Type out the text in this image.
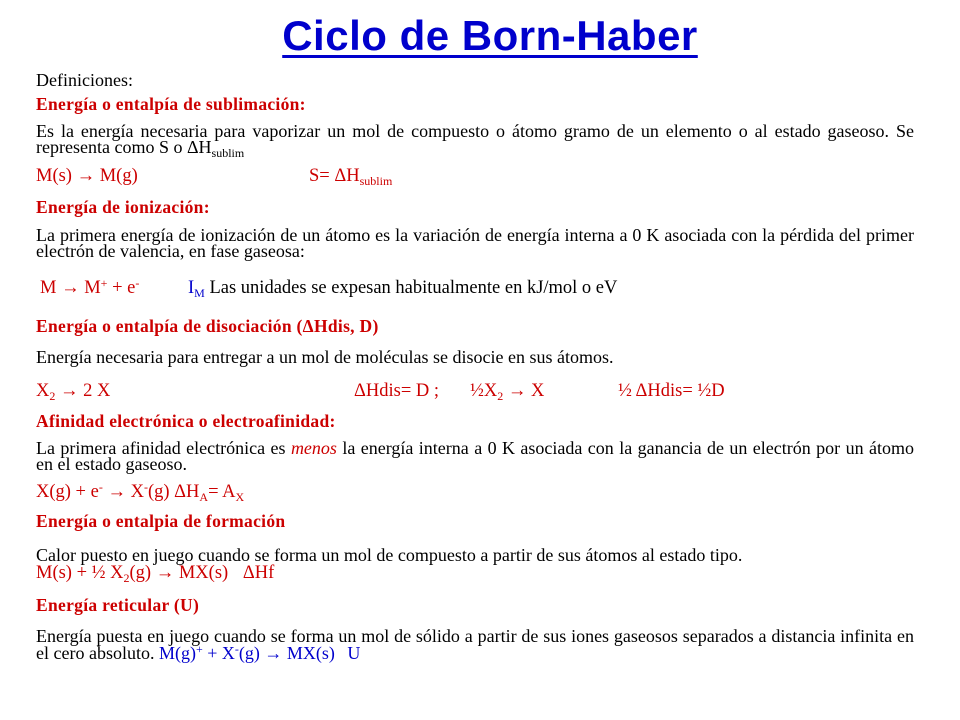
Ciclo de Born-Haber
Definiciones:
Energía o entalpía de sublimación:
Es la energía necesaria para vaporizar un mol de compuesto o átomo gramo de un elemento o al estado gaseoso. Se representa como S o $\Delta H_{sublim}$
M(s) → M(g)	$S= \Delta H_{sublim}$
Energía de ionización:
La primera energía de ionización de un átomo es la variación de energía interna a 0 K asociada con la pérdida del primer electrón de valencia, en fase gaseosa:
M → M+ + e-	$I_M$ Las unidades se expesan habitualmente en kJ/mol o eV
Energía o entalpía de disociación (ΔHdis, D)
Energía necesaria para entregar a un mol de moléculas se disocie en sus átomos.
$X_2 \to 2$ X	ΔHdis= D ; $\frac{1}{2}X_2 \to X$	½ ΔHdis= ½D
Afinidad electrónica o electroafinidad:
La primera afinidad electrónica es menos la energía interna a 0 K asociada con la ganancia de un electrón por un átomo en el estado gaseoso.
X(g) + e- → X-(g) $\Delta H_A= A_X$
Energía o entalpia de formación
Calor puesto en juego cuando se forma un mol de compuesto a partir de sus átomos al estado tipo.
M(s) + ½ $X_2(g) \to MX(s)$ ΔHf
Energía reticular (U)
Energía puesta en juego cuando se forma un mol de sólido a partir de sus iones gaseosos separados a distancia infinita en el cero absoluto. M(g)+ + X-(g) → MX(s) U
